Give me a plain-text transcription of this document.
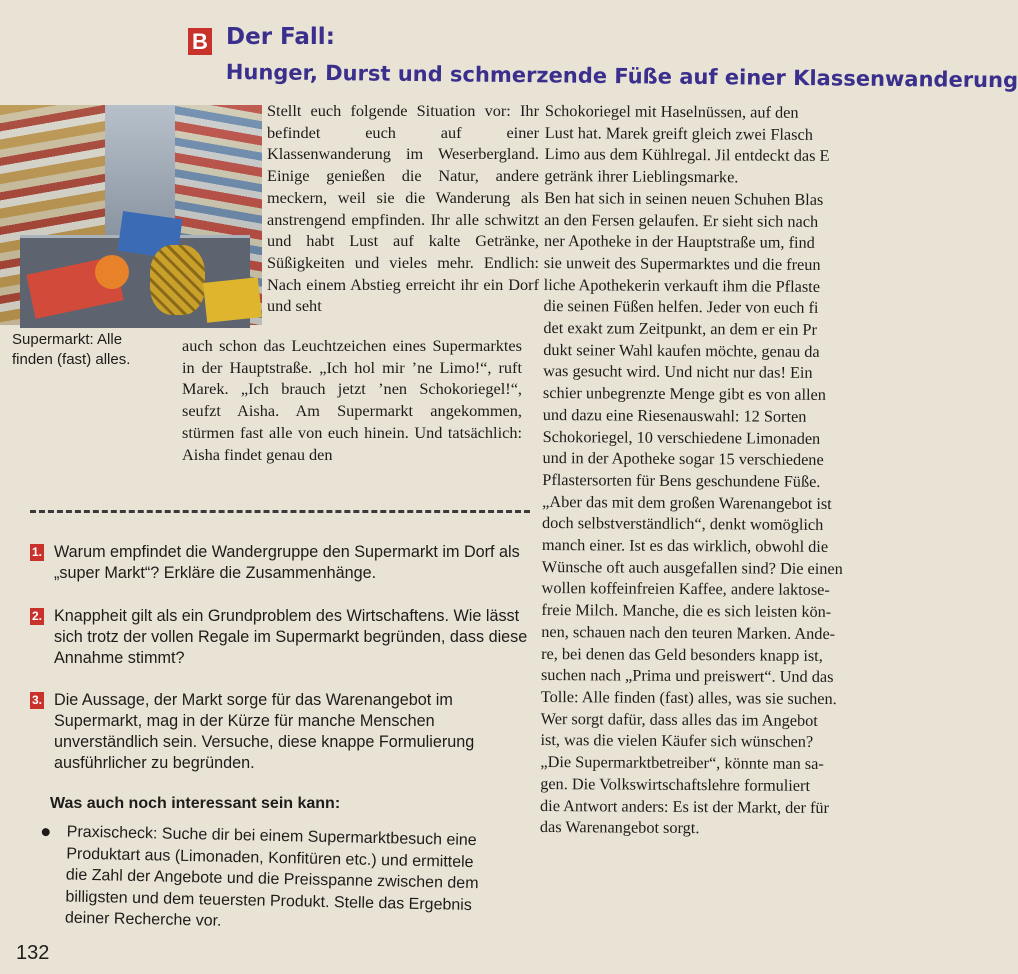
B Der Fall:
Hunger, Durst und schmerzende Füße auf einer Klassenwanderung
Supermarkt: Alle
finden (fast) alles.

Stellt euch folgende Situation vor: Ihr befindet euch auf einer Klassenwanderung im Weserbergland. Einige genießen die Natur, andere meckern, weil sie die Wanderung als anstrengend empfinden. Ihr alle schwitzt und habt Lust auf kalte Getränke, Süßigkeiten und vieles mehr. Endlich: Nach einem Abstieg erreicht ihr ein Dorf und seht

auch schon das Leuchtzeichen eines Supermarktes in der Hauptstraße. „Ich hol mir ’ne Limo!“, ruft Marek. „Ich brauch jetzt ’nen Schokoriegel!“, seufzt Aisha. Am Supermarkt angekommen, stürmen fast alle von euch hinein. Und tatsächlich: Aisha findet genau den

Schokoriegel mit Haselnüssen, auf den
Lust hat. Marek greift gleich zwei Flasch
Limo aus dem Kühlregal. Jil entdeckt das E
getränk ihrer Lieblingsmarke.
Ben hat sich in seinen neuen Schuhen Blas
an den Fersen gelaufen. Er sieht sich nach
ner Apotheke in der Hauptstraße um, find
sie unweit des Supermarktes und die freun
liche Apothekerin verkauft ihm die Pflaste
die seinen Füßen helfen. Jeder von euch fi
det exakt zum Zeitpunkt, an dem er ein Pr
dukt seiner Wahl kaufen möchte, genau da
was gesucht wird. Und nicht nur das! Ein
schier unbegrenzte Menge gibt es von allen
und dazu eine Riesenauswahl: 12 Sorten
Schokoriegel, 10 verschiedene Limonaden
und in der Apotheke sogar 15 verschiedene
Pflastersorten für Bens geschundene Füße.
„Aber das mit dem großen Warenangebot ist
doch selbstverständlich“, denkt womöglich
manch einer. Ist es das wirklich, obwohl die
Wünsche oft auch ausgefallen sind? Die einen
wollen koffeinfreien Kaffee, andere laktose-
freie Milch. Manche, die es sich leisten kön-
nen, schauen nach den teuren Marken. Ande-
re, bei denen das Geld besonders knapp ist,
suchen nach „Prima und preiswert“. Und das
Tolle: Alle finden (fast) alles, was sie suchen.
Wer sorgt dafür, dass alles das im Angebot
ist, was die vielen Käufer sich wünschen?
„Die Supermarktbetreiber“, könnte man sa-
gen. Die Volkswirtschaftslehre formuliert
die Antwort anders: Es ist der Markt, der für
das Warenangebot sorgt.
1. Warum empfindet die Wandergruppe den Supermarkt im Dorf als „super Markt“? Erkläre die Zusammenhänge.
2. Knappheit gilt als ein Grundproblem des Wirtschaftens. Wie lässt sich trotz der vollen Regale im Supermarkt begründen, dass diese Annahme stimmt?
3. Die Aussage, der Markt sorge für das Warenangebot im Supermarkt, mag in der Kürze für manche Menschen unverständlich sein. Versuche, diese knappe Formulierung ausführlicher zu begründen.
Was auch noch interessant sein kann:
Praxischeck: Suche dir bei einem Supermarktbesuch eine Produktart aus (Limonaden, Konfitüren etc.) und ermittele die Zahl der Angebote und die Preisspanne zwischen dem billigsten und dem teuersten Produkt. Stelle das Ergebnis deiner Recherche vor.
132
